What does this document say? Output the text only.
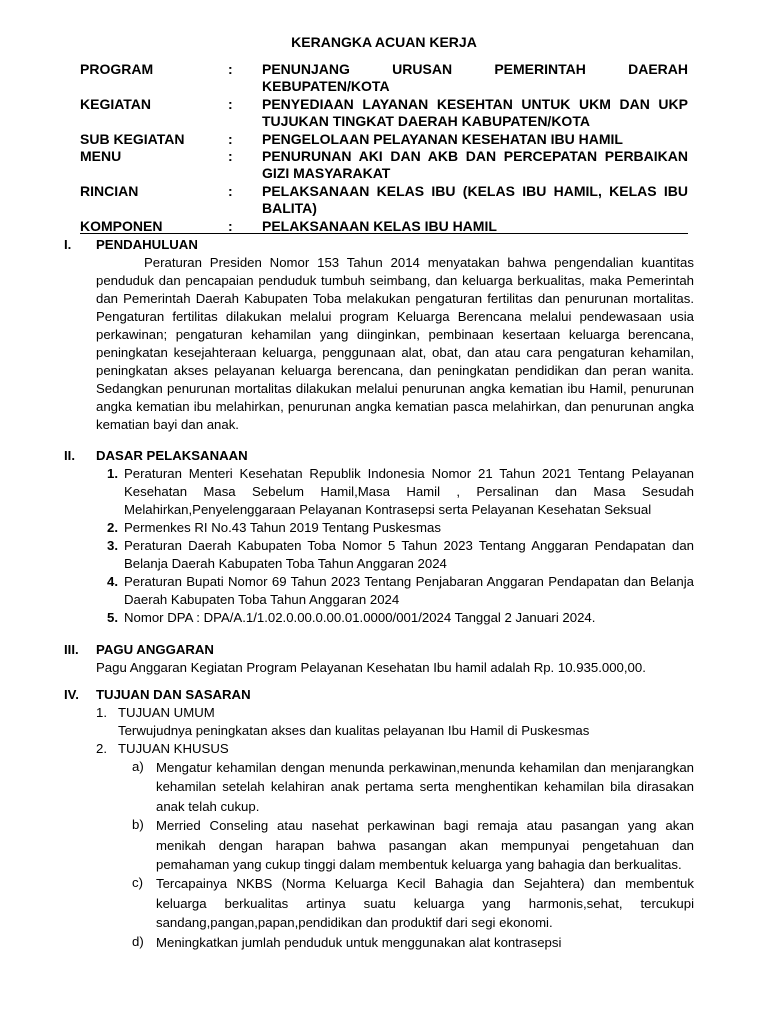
KERANGKA ACUAN KERJA
PROGRAM	:	PENUNJANG URUSAN PEMERINTAH DAERAH KEBUPATEN/KOTA
KEGIATAN	:	PENYEDIAAN LAYANAN KESEHTAN UNTUK UKM DAN UKP TUJUKAN TINGKAT DAERAH KABUPATEN/KOTA
SUB KEGIATAN	:	PENGELOLAAN PELAYANAN KESEHATAN IBU HAMIL
MENU	:	PENURUNAN AKI DAN AKB DAN PERCEPATAN PERBAIKAN GIZI MASYARAKAT
RINCIAN	:	PELAKSANAAN KELAS IBU (KELAS IBU HAMIL, KELAS IBU BALITA)
KOMPONEN	:	PELAKSANAAN KELAS IBU HAMIL
I.	PENDAHULUAN
Peraturan Presiden Nomor 153 Tahun 2014 menyatakan bahwa pengendalian kuantitas penduduk dan pencapaian penduduk tumbuh seimbang, dan keluarga berkualitas, maka Pemerintah dan Pemerintah Daerah Kabupaten Toba melakukan pengaturan fertilitas dan penurunan mortalitas. Pengaturan fertilitas dilakukan melalui program Keluarga Berencana melalui pendewasaan usia perkawinan; pengaturan kehamilan yang diinginkan, pembinaan kesertaan keluarga berencana, peningkatan kesejahteraan keluarga, penggunaan alat, obat, dan atau cara pengaturan kehamilan, peningkatan akses pelayanan keluarga berencana, dan peningkatan pendidikan dan peran wanita. Sedangkan penurunan mortalitas dilakukan melalui penurunan angka kematian ibu Hamil, penurunan angka kematian ibu melahirkan, penurunan angka kematian pasca melahirkan, dan penurunan angka kematian bayi dan anak.
II.	DASAR PELAKSANAAN
1. Peraturan Menteri Kesehatan Republik Indonesia Nomor 21 Tahun 2021 Tentang Pelayanan Kesehatan Masa Sebelum Hamil,Masa Hamil , Persalinan dan Masa Sesudah Melahirkan,Penyelenggaraan Pelayanan Kontrasepsi serta Pelayanan Kesehatan Seksual
2. Permenkes RI No.43 Tahun 2019 Tentang Puskesmas
3. Peraturan Daerah Kabupaten Toba Nomor 5 Tahun 2023 Tentang Anggaran Pendapatan dan Belanja Daerah Kabupaten Toba Tahun Anggaran 2024
4. Peraturan Bupati Nomor 69 Tahun 2023 Tentang Penjabaran Anggaran Pendapatan dan Belanja Daerah Kabupaten Toba Tahun Anggaran 2024
5. Nomor DPA : DPA/A.1/1.02.0.00.0.00.01.0000/001/2024 Tanggal 2 Januari 2024.
III.	PAGU ANGGARAN
Pagu Anggaran Kegiatan Program Pelayanan Kesehatan Ibu hamil adalah Rp. 10.935.000,00.
IV.	TUJUAN DAN SASARAN
1. TUJUAN UMUM
Terwujudnya peningkatan akses dan kualitas pelayanan Ibu Hamil di Puskesmas
2. TUJUAN KHUSUS
a) Mengatur kehamilan dengan menunda perkawinan,menunda kehamilan dan menjarangkan kehamilan setelah kelahiran anak pertama serta menghentikan kehamilan bila dirasakan anak telah cukup.
b) Merried Conseling atau nasehat perkawinan bagi remaja atau pasangan yang akan menikah dengan harapan bahwa pasangan akan mempunyai pengetahuan dan pemahaman yang cukup tinggi dalam membentuk keluarga yang bahagia dan berkualitas.
c) Tercapainya NKBS (Norma Keluarga Kecil Bahagia dan Sejahtera) dan membentuk keluarga berkualitas artinya suatu keluarga yang harmonis,sehat, tercukupi sandang,pangan,papan,pendidikan dan produktif dari segi ekonomi.
d) Meningkatkan jumlah penduduk untuk menggunakan alat kontrasepsi
